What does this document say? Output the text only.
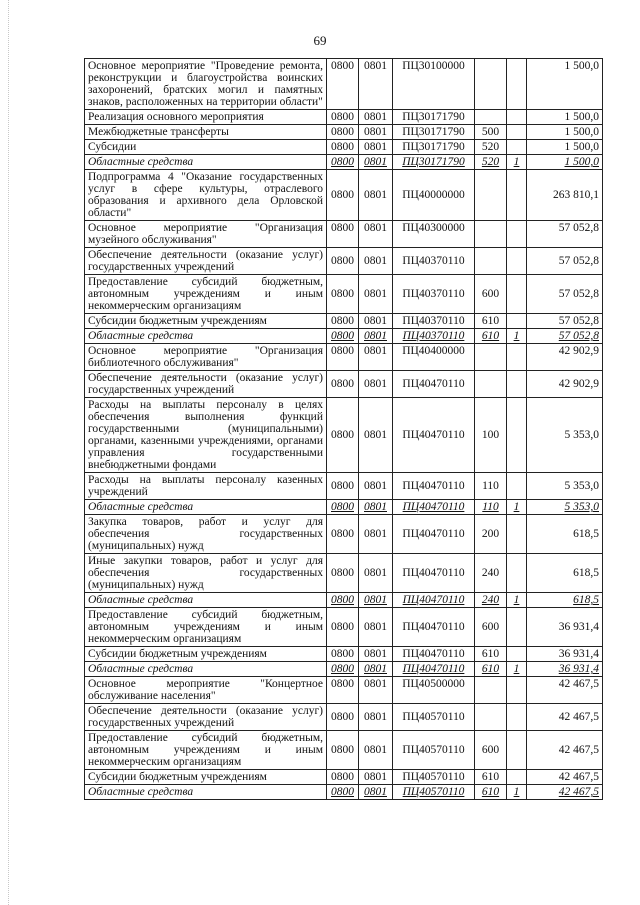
69
Основное мероприятие "Проведение ремонта, реконструкции и благоустройства воинских захоронений, братских могил и памятных знаков, расположенных на территории области"	0800	0801	ПЦ30100000			1 500,0
Реализация основного мероприятия	0800	0801	ПЦ30171790			1 500,0
Межбюджетные трансферты	0800	0801	ПЦ30171790	500		1 500,0
Субсидии	0800	0801	ПЦ30171790	520		1 500,0
Областные средства	0800	0801	ПЦ30171790	520	1	1 500,0
Подпрограмма 4 "Оказание государственных услуг в сфере культуры, отраслевого образования и архивного дела Орловской области"	0800	0801	ПЦ40000000			263 810,1
Основное мероприятие "Организация музейного обслуживания"	0800	0801	ПЦ40300000			57 052,8
Обеспечение деятельности (оказание услуг) государственных учреждений	0800	0801	ПЦ40370110			57 052,8
Предоставление субсидий бюджетным, автономным учреждениям и иным некоммерческим организациям	0800	0801	ПЦ40370110	600		57 052,8
Субсидии бюджетным учреждениям	0800	0801	ПЦ40370110	610		57 052,8
Областные средства	0800	0801	ПЦ40370110	610	1	57 052,8
Основное мероприятие "Организация библиотечного обслуживания"	0800	0801	ПЦ40400000			42 902,9
Обеспечение деятельности (оказание услуг) государственных учреждений	0800	0801	ПЦ40470110			42 902,9
Расходы на выплаты персоналу в целях обеспечения выполнения функций государственными (муниципальными) органами, казенными учреждениями, органами управления государственными внебюджетными фондами	0800	0801	ПЦ40470110	100		5 353,0
Расходы на выплаты персоналу казенных учреждений	0800	0801	ПЦ40470110	110		5 353,0
Областные средства	0800	0801	ПЦ40470110	110	1	5 353,0
Закупка товаров, работ и услуг для обеспечения государственных (муниципальных) нужд	0800	0801	ПЦ40470110	200		618,5
Иные закупки товаров, работ и услуг для обеспечения государственных (муниципальных) нужд	0800	0801	ПЦ40470110	240		618,5
Областные средства	0800	0801	ПЦ40470110	240	1	618,5
Предоставление субсидий бюджетным, автономным учреждениям и иным некоммерческим организациям	0800	0801	ПЦ40470110	600		36 931,4
Субсидии бюджетным учреждениям	0800	0801	ПЦ40470110	610		36 931,4
Областные средства	0800	0801	ПЦ40470110	610	1	36 931,4
Основное мероприятие "Концертное обслуживание населения"	0800	0801	ПЦ40500000			42 467,5
Обеспечение деятельности (оказание услуг) государственных учреждений	0800	0801	ПЦ40570110			42 467,5
Предоставление субсидий бюджетным, автономным учреждениям и иным некоммерческим организациям	0800	0801	ПЦ40570110	600		42 467,5
Субсидии бюджетным учреждениям	0800	0801	ПЦ40570110	610		42 467,5
Областные средства	0800	0801	ПЦ40570110	610	1	42 467,5
